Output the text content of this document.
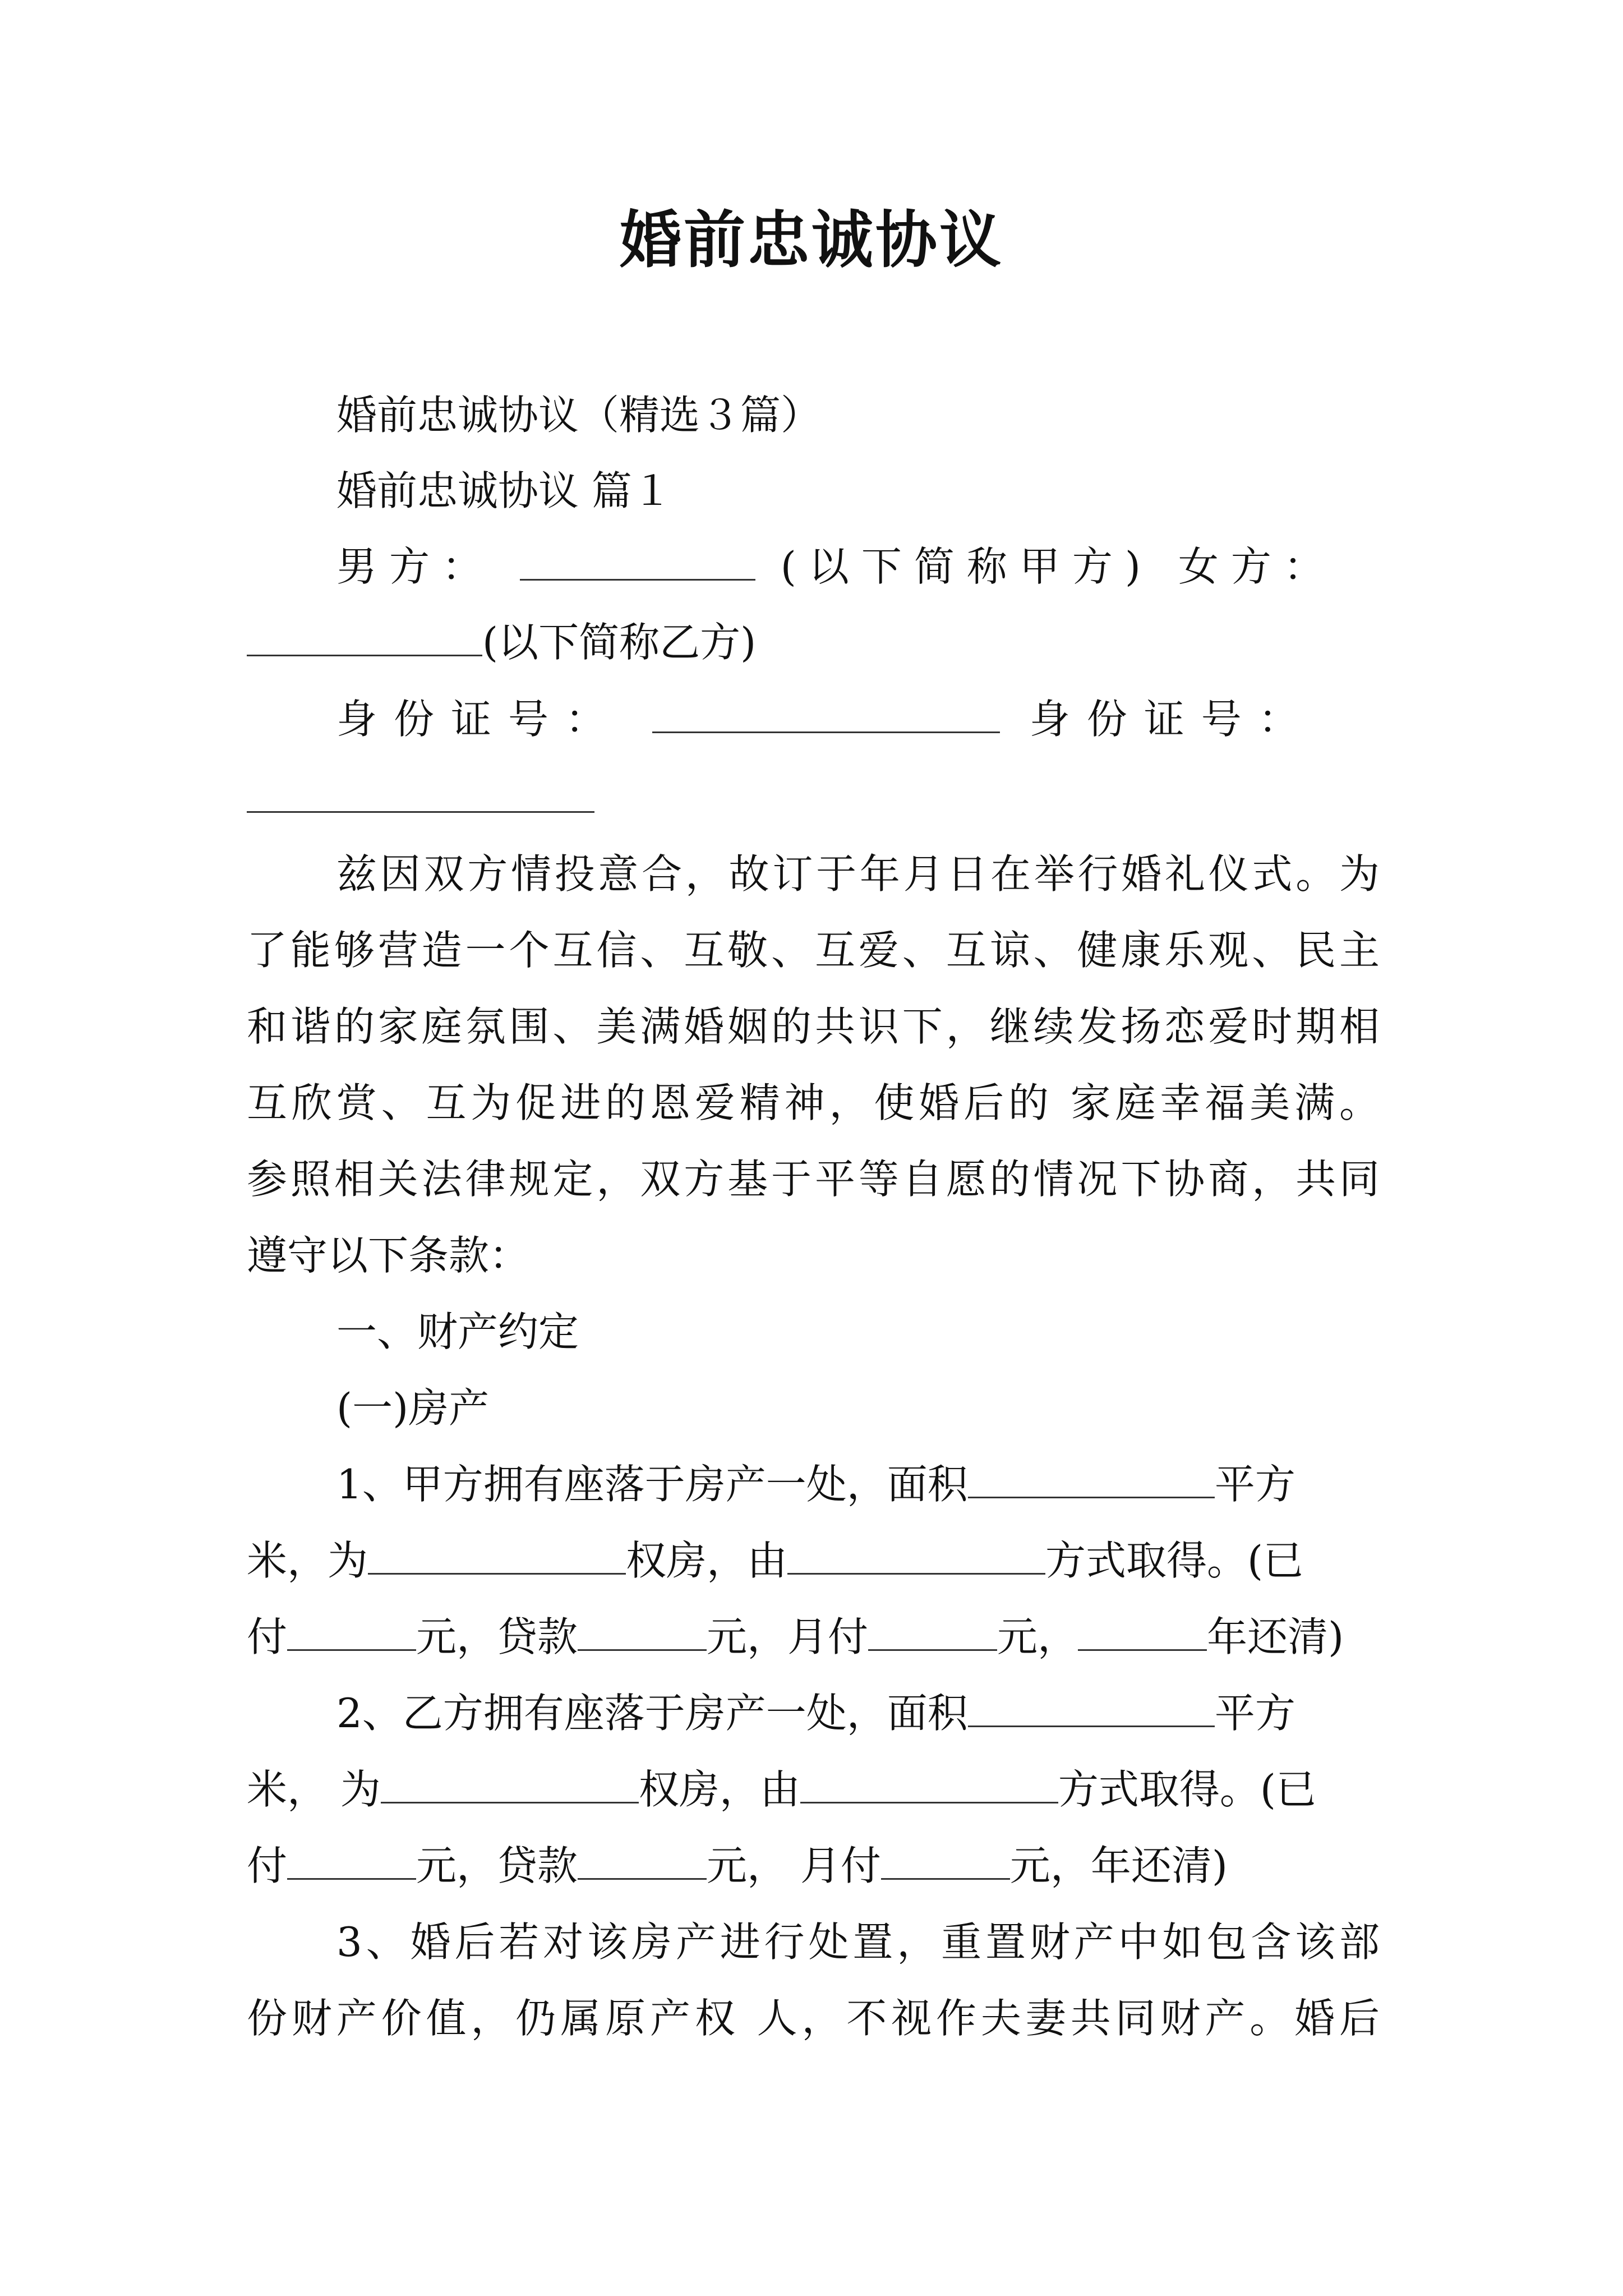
婚前忠诚协议
婚前忠诚协议（精选３篇）
婚前忠诚协议 篇１
男方：	(以下简称甲方) 女方：
(以下简称乙方)
身份证号：	身份证号：
兹因双方情投意合，故订于年月日在举行婚礼仪式。为
了能够营造一个互信、互敬、互爱、互谅、健康乐观、民主
和谐的家庭氛围、美满婚姻的共识下，继续发扬恋爱时期相
互欣赏、互为促进的恩爱精神，使婚后的 家庭幸福美满。
参照相关法律规定，双方基于平等自愿的情况下协商，共同
遵守以下条款：
一、财产约定
(一)房产
1、甲方拥有座落于房产一处，面积	平方
米，为	权房，由	方式取得。(已
付	元，贷款	元，月付	元，	年还清)
2、乙方拥有座落于房产一处，面积	平方
米， 为	权房，由	方式取得。(已
付	元，贷款	元， 月付	元，年还清)
3、婚后若对该房产进行处置，重置财产中如包含该部
份财产价值，仍属原产权 人，不视作夫妻共同财产。婚后
